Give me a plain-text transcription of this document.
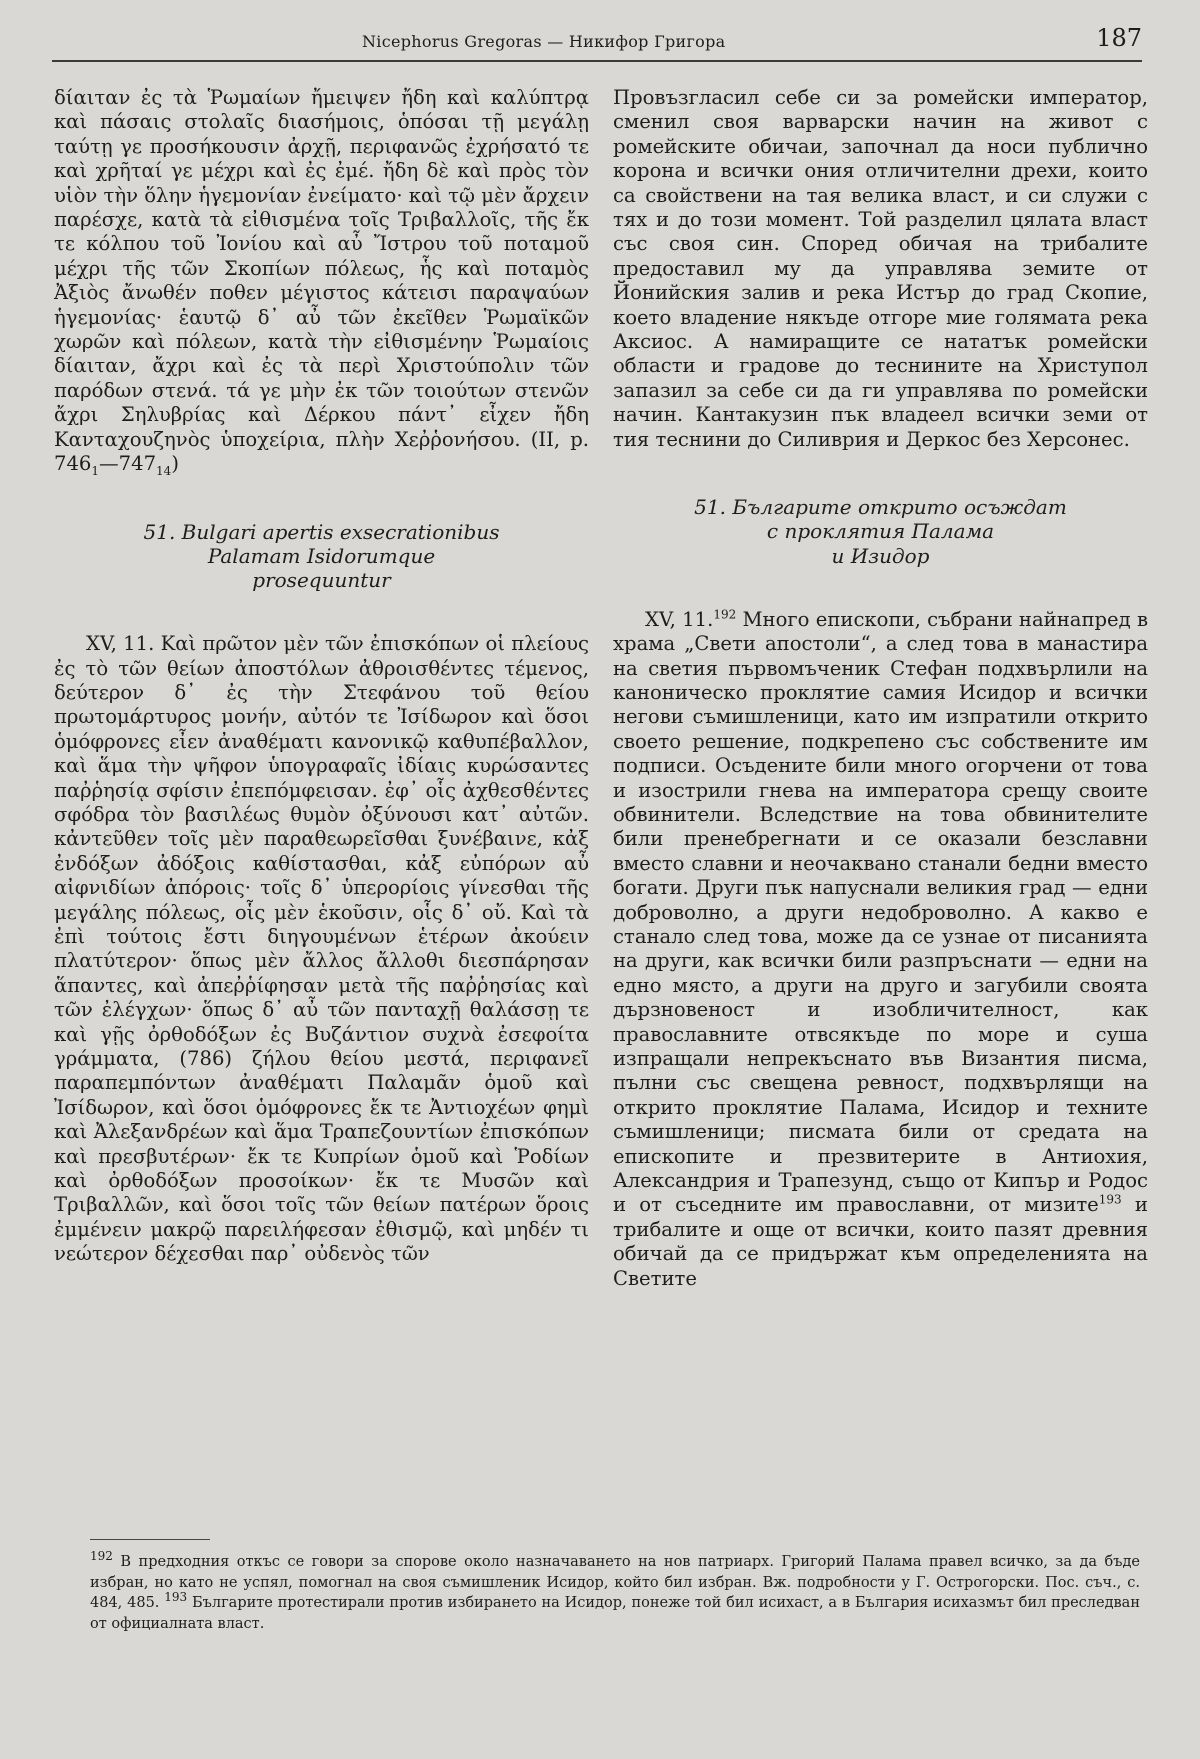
Nicephorus Gregoras — Никифор Григора	187

δίαιταν ἐς τὰ Ῥωμαίων ἤμειψεν ἤδη καὶ καλύπτρᾳ καὶ πάσαις στολαῖς διασήμοις, ὁπόσαι τῇ μεγάλῃ ταύτῃ γε προσήκουσιν ἀρχῇ, περιφανῶς ἐχρήσατό τε καὶ χρῆταί γε μέχρι καὶ ἐς ἐμέ. ἤδη δὲ καὶ πρὸς τὸν υἱὸν τὴν ὅλην ἡγεμονίαν ἐνείματο· καὶ τῷ μὲν ἄρχειν παρέσχε, κατὰ τὰ εἰθισμένα τοῖς Τριβαλλοῖς, τῆς ἔκ τε κόλπου τοῦ Ἰονίου καὶ αὖ Ἴστρου τοῦ ποταμοῦ μέχρι τῆς τῶν Σκοπίων πόλεως, ἧς καὶ ποταμὸς Ἀξιὸς ἄνωθέν ποθεν μέγιστος κάτεισι παραψαύων ἡγεμονίας· ἑαυτῷ δ᾽ αὖ τῶν ἐκεῖθεν Ῥωμαϊκῶν χωρῶν καὶ πόλεων, κατὰ τὴν εἰθισμένην Ῥωμαίοις δίαιταν, ἄχρι καὶ ἐς τὰ περὶ Χριστούπολιν τῶν παρόδων στενά. τά γε μὴν ἐκ τῶν τοιούτων στενῶν ἄχρι Σηλυβρίας καὶ Δέρκου πάντ᾽ εἶχεν ἤδη Κανταχουζηνὸς ὑποχείρια, πλὴν Χεῤῥονήσου. (II, p. $746_1—747_{14}$)

51. Bulgari apertis exsecrationibus
Palamam Isidorumque
prosequuntur

XV, 11. Καὶ πρῶτον μὲν τῶν ἐπισκόπων οἱ πλείους ἐς τὸ τῶν θείων ἀποστόλων ἀθροισθέντες τέμενος, δεύτερον δ᾽ ἐς τὴν Στεφάνου τοῦ θείου πρωτομάρτυρος μονήν, αὐτόν τε Ἰσίδωρον καὶ ὅσοι ὁμόφρονες εἶεν ἀναθέματι κανονικῷ καθυπέβαλλον, καὶ ἅμα τὴν ψῆφον ὑπογραφαῖς ἰδίαις κυρώσαντες παῤῥησίᾳ σφίσιν ἐπεπόμφεισαν. ἐφ᾽ οἷς ἀχθεσθέντες σφόδρα τὸν βασιλέως θυμὸν ὀξύνουσι κατ᾽ αὐτῶν. κἀντεῦθεν τοῖς μὲν παραθεωρεῖσθαι ξυνέβαινε, κἀξ ἐνδόξων ἀδόξοις καθίστασθαι, κἀξ εὐπόρων αὖ αἰφνιδίων ἀπόροις· τοῖς δ᾽ ὑπερορίοις γίνεσθαι τῆς μεγάλης πόλεως, οἷς μὲν ἑκοῦσιν, οἷς δ᾽ οὔ. Καὶ τὰ ἐπὶ τούτοις ἔστι διηγουμένων ἑτέρων ἀκούειν πλατύτερον· ὅπως μὲν ἄλλος ἄλλοθι διεσπάρησαν ἅπαντες, καὶ ἀπεῤῥίφησαν μετὰ τῆς παῤῥησίας καὶ τῶν ἐλέγχων· ὅπως δ᾽ αὖ τῶν πανταχῇ θαλάσσῃ τε καὶ γῇς ὀρθοδόξων ἐς Βυζάντιον συχνὰ ἐσεφοίτα γράμματα, (786) ζήλου θείου μεστά, περιφανεῖ παραπεμπόντων ἀναθέματι Παλαμᾶν ὁμοῦ καὶ Ἰσίδωρον, καὶ ὅσοι ὁμόφρονες ἔκ τε Ἀντιοχέων φημὶ καὶ Ἀλεξανδρέων καὶ ἅμα Τραπεζουντίων ἐπισκόπων καὶ πρεσβυτέρων· ἔκ τε Κυπρίων ὁμοῦ καὶ Ῥοδίων καὶ ὀρθοδόξων προσοίκων· ἔκ τε Μυσῶν καὶ Τριβαλλῶν, καὶ ὅσοι τοῖς τῶν θείων πατέρων ὅροις ἐμμένειν μακρῷ παρειλήφεσαν ἐθισμῷ, καὶ μηδέν τι νεώτερον δέχεσθαι παρ᾽ οὐδενὸς τῶν

Провъзгласил себе си за ромейски император, сменил своя варварски начин на живот с ромейските обичаи, започнал да носи публично корона и всички ония отличителни дрехи, които са свойствени на тая велика власт, и си служи с тях и до този момент. Той разделил цялата власт със своя син. Според обичая на трибалите предоставил му да управлява земите от Йонийския залив и река Истър до град Скопие, което владение някъде отгоре мие голямата река Аксиос. А намиращите се нататък ромейски области и градове до теснините на Христупол запазил за себе си да ги управлява по ромейски начин. Кантакузин пък владеел всички земи от тия теснини до Силиврия и Деркос без Херсонес.

51. Българите открито осъждат
с проклятия Палама
и Изидор

XV, 11.$^{192}$ Много епископи, събрани найнапред в храма „Свети апостоли“, а след това в манастира на светия първомъченик Стефан подхвърлили на каноническо проклятие самия Исидор и всички негови съмишленици, като им изпратили открито своето решение, подкрепено със собствените им подписи. Осъдените били много огорчени от това и изострили гнева на императора срещу своите обвинители. Вследствие на това обвинителите били пренебрегнати и се оказали безславни вместо славни и неочаквано станали бедни вместо богати. Други пък напуснали великия град — едни доброволно, а други недоброволно. А какво е станало след това, може да се узнае от писанията на други, как всички били разпръснати — едни на едно място, а други на друго и загубили своята дързновеност и изобличителност, как православните отвсякъде по море и суша изпращали непрекъснато във Византия писма, пълни със свещена ревност, подхвърлящи на открито проклятие Палама, Исидор и техните съмишленици; писмата били от средата на епископите и презвитерите в Антиохия, Александрия и Трапезунд, също от Кипър и Родос и от съседните им православни, от мизите$^{193}$ и трибалите и още от всички, които пазят древния обичай да се придържат към определенията на Светите

$^{192}$ В предходния откъс се говори за спорове около назначаването на нов патриарх. Григорий Палама правел всичко, за да бъде избран, но като не успял, помогнал на своя съмишленик Исидор, който бил избран. Вж. подробности у Г. Острогорски. Пос. съч., с. 484, 485. $^{193}$ Българите протестирали против избирането на Исидор, понеже той бил исихаст, а в България исихазмът бил преследван от официалната власт.
